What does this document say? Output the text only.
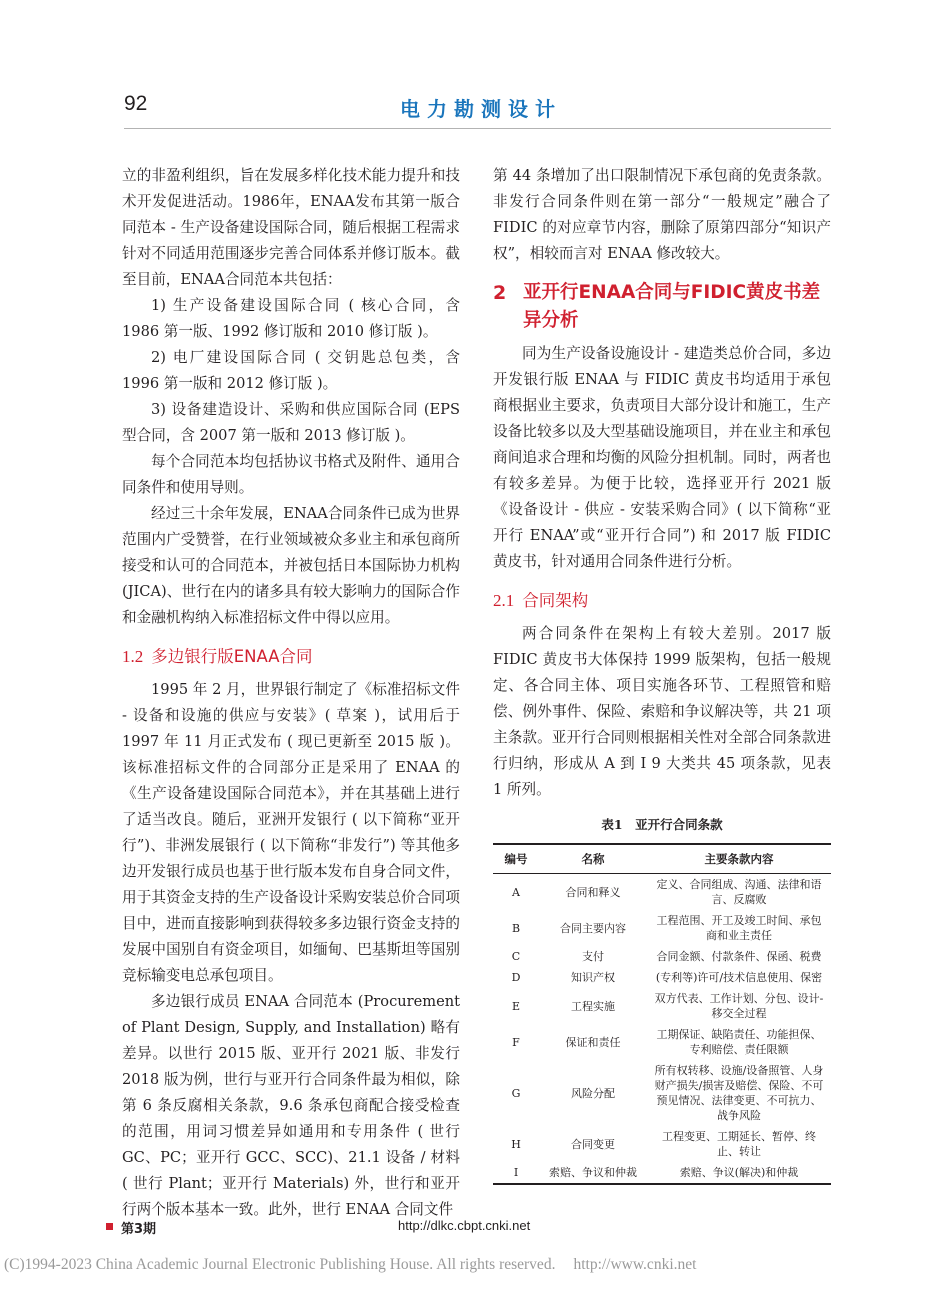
92	电力勘测设计

立的非盈利组织，旨在发展多样化技术能力提升和技术开发促进活动。1986年，ENAA发布其第一版合同范本 - 生产设备建设国际合同，随后根据工程需求针对不同适用范围逐步完善合同体系并修订版本。截至目前，ENAA合同范本共包括：

1) 生产设备建设国际合同 ( 核心合同，含 1986 第一版、1992 修订版和 2010 修订版 )。

2) 电厂建设国际合同 ( 交钥匙总包类，含 1996 第一版和 2012 修订版 )。

3) 设备建造设计、采购和供应国际合同 (EPS 型合同，含 2007 第一版和 2013 修订版 )。

每个合同范本均包括协议书格式及附件、通用合同条件和使用导则。

经过三十余年发展，ENAA合同条件已成为世界范围内广受赞誉，在行业领域被众多业主和承包商所接受和认可的合同范本，并被包括日本国际协力机构 (JICA)、世行在内的诸多具有较大影响力的国际合作和金融机构纳入标准招标文件中得以应用。

1.2 多边银行版ENAA合同

1995 年 2 月，世界银行制定了《标准招标文件 - 设备和设施的供应与安装》( 草案 )，试用后于 1997 年 11 月正式发布 ( 现已更新至 2015 版 )。该标准招标文件的合同部分正是采用了 ENAA 的《生产设备建设国际合同范本》，并在其基础上进行了适当改良。随后，亚洲开发银行 ( 以下简称“亚开行”)、非洲发展银行 ( 以下简称“非发行”) 等其他多边开发银行成员也基于世行版本发布自身合同文件，用于其资金支持的生产设备设计采购安装总价合同项目中，进而直接影响到获得较多多边银行资金支持的发展中国别自有资金项目，如缅甸、巴基斯坦等国别竞标输变电总承包项目。

多边银行成员 ENAA 合同范本 (Procurement of Plant Design, Supply, and Installation) 略有差异。以世行 2015 版、亚开行 2021 版、非发行 2018 版为例，世行与亚开行合同条件最为相似，除第 6 条反腐相关条款，9.6 条承包商配合接受检查的范围，用词习惯差异如通用和专用条件 ( 世行 GC、PC；亚开行 GCC、SCC)、21.1 设备 / 材料 ( 世行 Plant；亚开行 Materials) 外，世行和亚开行两个版本基本一致。此外，世行 ENAA 合同文件

第 44 条增加了出口限制情况下承包商的免责条款。非发行合同条件则在第一部分“一般规定”融合了 FIDIC 的对应章节内容，删除了原第四部分“知识产权”，相较而言对 ENAA 修改较大。

2 亚开行ENAA合同与FIDIC黄皮书差异分析

同为生产设备设施设计 - 建造类总价合同，多边开发银行版 ENAA 与 FIDIC 黄皮书均适用于承包商根据业主要求，负责项目大部分设计和施工，生产设备比较多以及大型基础设施项目，并在业主和承包商间追求合理和均衡的风险分担机制。同时，两者也有较多差异。为便于比较，选择亚开行 2021 版《设备设计 - 供应 - 安装采购合同》( 以下简称“亚开行 ENAA”或“亚开行合同”) 和 2017 版 FIDIC 黄皮书，针对通用合同条件进行分析。

2.1 合同架构

两合同条件在架构上有较大差别。2017 版 FIDIC 黄皮书大体保持 1999 版架构，包括一般规定、各合同主体、项目实施各环节、工程照管和赔偿、例外事件、保险、索赔和争议解决等，共 21 项主条款。亚开行合同则根据相关性对全部合同条款进行归纳，形成从 A 到 I 9 大类共 45 项条款，见表 1 所列。

表1　亚开行合同条款
编号	名称	主要条款内容
A	合同和释义	定义、合同组成、沟通、法律和语言、反腐败
B	合同主要内容	工程范围、开工及竣工时间、承包商和业主责任
C	支付	合同金额、付款条件、保函、税费
D	知识产权	(专利等)许可/技术信息使用、保密
E	工程实施	双方代表、工作计划、分包、设计-移交全过程
F	保证和责任	工期保证、缺陷责任、功能担保、专利赔偿、责任限额
G	风险分配	所有权转移、设施/设备照管、人身财产损失/损害及赔偿、保险、不可预见情况、法律变更、不可抗力、战争风险
H	合同变更	工程变更、工期延长、暂停、终止、转让
I	索赔、争议和仲裁	索赔、争议(解决)和仲裁
第3期	http://dlkc.cbpt.cnki.net
(C)1994-2023 China Academic Journal Electronic Publishing House. All rights reserved. http://www.cnki.net
